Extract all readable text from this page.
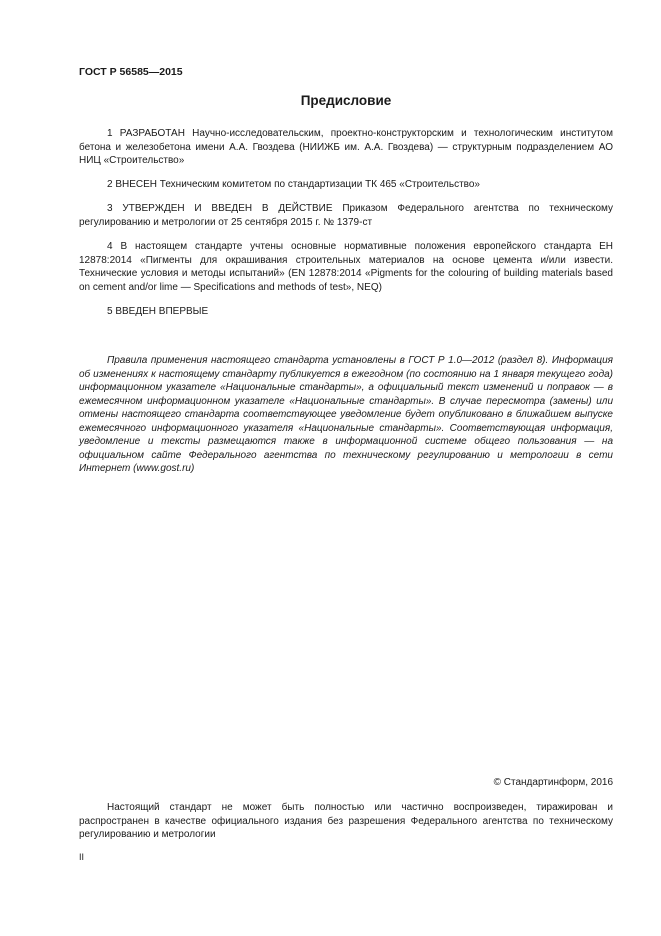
ГОСТ Р 56585—2015
Предисловие

1 РАЗРАБОТАН Научно-исследовательским, проектно-конструкторским и технологическим институтом бетона и железобетона имени А.А. Гвоздева (НИИЖБ им. А.А. Гвоздева) — структурным подразделением АО НИЦ «Строительство»

2 ВНЕСЕН Техническим комитетом по стандартизации ТК 465 «Строительство»

3 УТВЕРЖДЕН И ВВЕДЕН В ДЕЙСТВИЕ Приказом Федерального агентства по техническому регулированию и метрологии от 25 сентября 2015 г. № 1379-ст

4 В настоящем стандарте учтены основные нормативные положения европейского стандарта ЕН 12878:2014 «Пигменты для окрашивания строительных материалов на основе цемента и/или извести. Технические условия и методы испытаний» (EN 12878:2014 «Pigments for the colouring of building materials based on cement and/or lime — Specifications and methods of test», NEQ)

5 ВВЕДЕН ВПЕРВЫЕ

Правила применения настоящего стандарта установлены в ГОСТ Р 1.0—2012 (раздел 8). Информация об изменениях к настоящему стандарту публикуется в ежегодном (по состоянию на 1 января текущего года) информационном указателе «Национальные стандарты», а официальный текст изменений и поправок — в ежемесячном информационном указателе «Национальные стандарты». В случае пересмотра (замены) или отмены настоящего стандарта соответствующее уведомление будет опубликовано в ближайшем выпуске ежемесячного информационного указателя «Национальные стандарты». Соответствующая информация, уведомление и тексты размещаются также в информационной системе общего пользования — на официальном сайте Федерального агентства по техническому регулированию и метрологии в сети Интернет (www.gost.ru)

© Стандартинформ, 2016

Настоящий стандарт не может быть полностью или частично воспроизведен, тиражирован и распространен в качестве официального издания без разрешения Федерального агентства по техническому регулированию и метрологии

II
